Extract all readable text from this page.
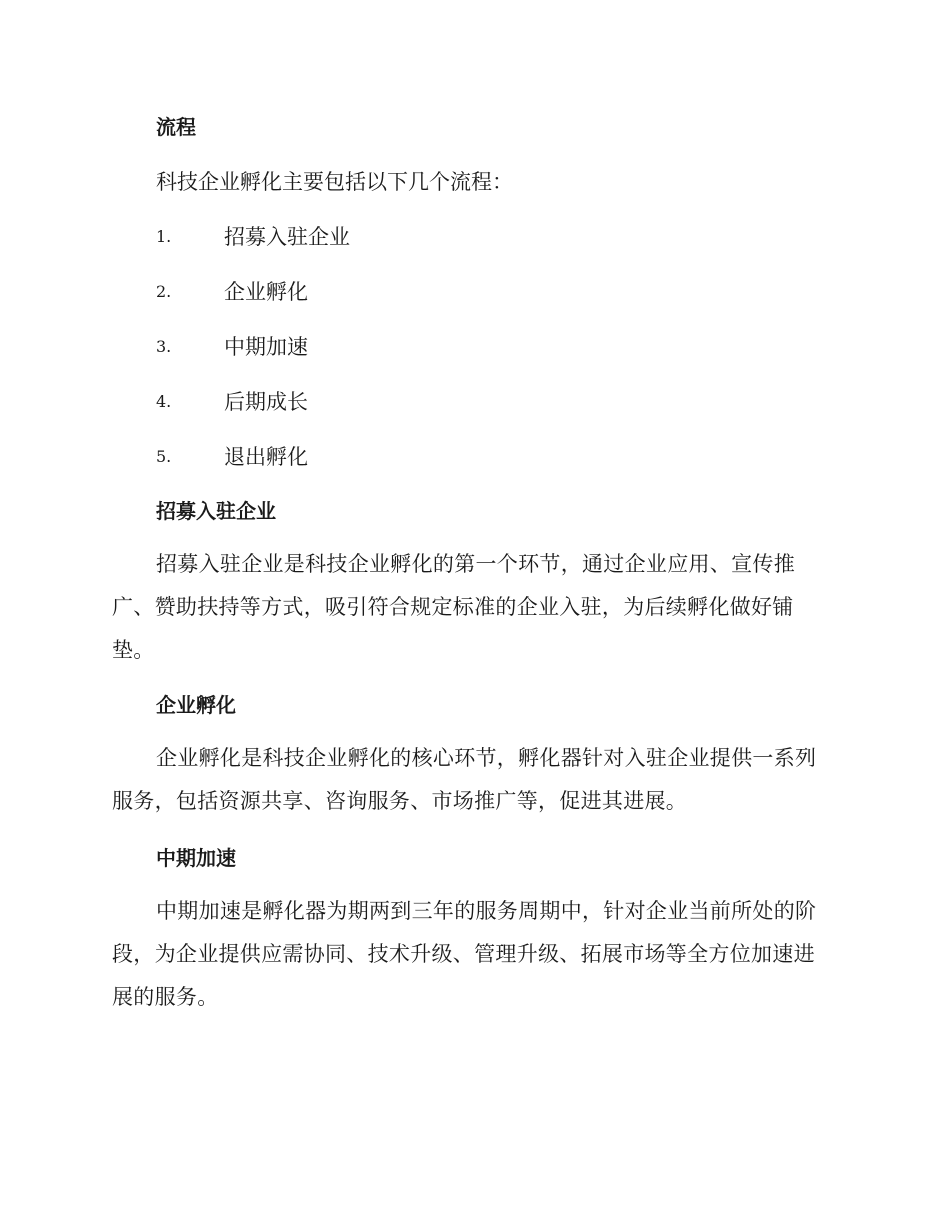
流程

科技企业孵化主要包括以下几个流程：

1.	招募入驻企业
2.	企业孵化
3.	中期加速
4.	后期成长
5.	退出孵化
招募入驻企业

招募入驻企业是科技企业孵化的第一个环节，通过企业应用、宣传推广、赞助扶持等方式，吸引符合规定标准的企业入驻，为后续孵化做好铺垫。

企业孵化

企业孵化是科技企业孵化的核心环节，孵化器针对入驻企业提供一系列服务，包括资源共享、咨询服务、市场推广等，促进其进展。

中期加速

中期加速是孵化器为期两到三年的服务周期中，针对企业当前所处的阶段，为企业提供应需协同、技术升级、管理升级、拓展市场等全方位加速进展的服务。
